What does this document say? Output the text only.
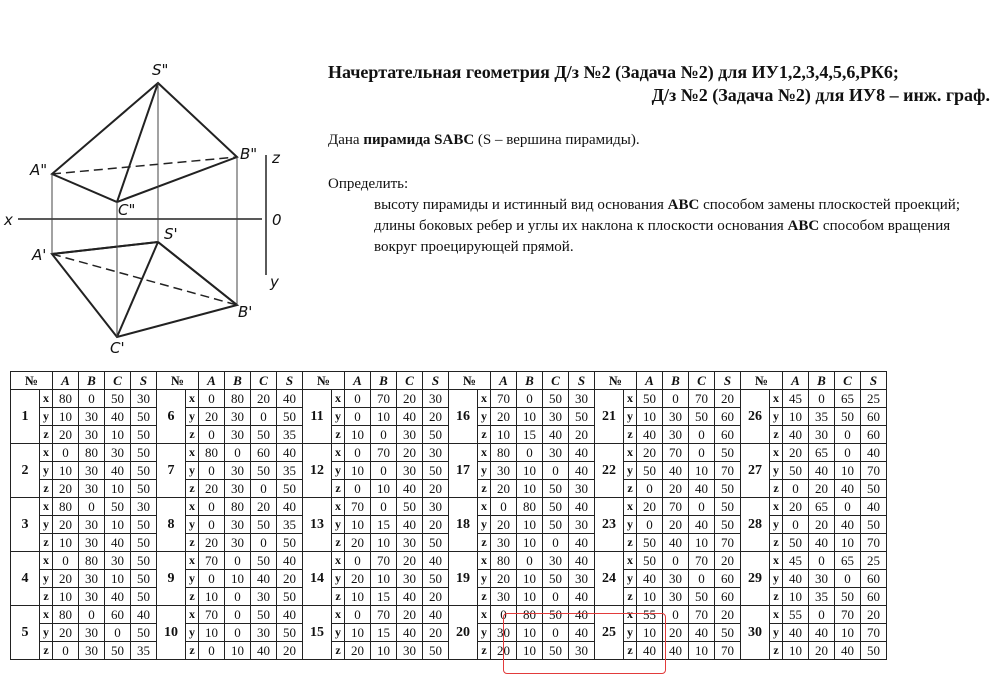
S"
A"
B"
C"
z
x	0
A'
S'
B'
C'
y
Начертательная геометрия Д/з №2 (Задача №2) для ИУ1,2,3,4,5,6,РК6;
Д/з №2 (Задача №2) для ИУ8 – инж. граф.
Дана пирамида SABC (S – вершина пирамиды).
Определить:
высоту пирамиды и истинный вид основания ABC способом замены плоскостей проекций;
длины боковых ребер и углы их наклона к плоскости основания ABC способом вращения вокруг проецирующей прямой.
№		A	B	C	S	№		A	B	C	S	№		A	B	C	S	№		A	B	C	S	№		A	B	C	S	№		A	B	C	S
1	x	80	0	50	30	6	x	0	80	20	40	11	x	0	70	20	30	16	x	70	0	50	30	21	x	50	0	70	20	26	x	45	0	65	25
	y	10	30	40	50		y	20	30	0	50		y	0	10	40	20		y	20	10	30	50		y	10	30	50	60		y	10	35	50	60
	z	20	30	10	50		z	0	30	50	35		z	10	0	30	50		z	10	15	40	20		z	40	30	0	60		z	40	30	0	60
2	x	0	80	30	50	7	x	80	0	60	40	12	x	0	70	20	30	17	x	80	0	30	40	22	x	20	70	0	50	27	x	20	65	0	40
	y	10	30	40	50		y	0	30	50	35		y	10	0	30	50		y	30	10	0	40		y	50	40	10	70		y	50	40	10	70
	z	20	30	10	50		z	20	30	0	50		z	0	10	40	20		z	20	10	50	30		z	0	20	40	50		z	0	20	40	50
3	x	80	0	50	30	8	x	0	80	20	40	13	x	70	0	50	30	18	x	0	80	50	40	23	x	20	70	0	50	28	x	20	65	0	40
	y	20	30	10	50		y	0	30	50	35		y	10	15	40	20		y	20	10	50	30		y	0	20	40	50		y	0	20	40	50
	z	10	30	40	50		z	20	30	0	50		z	20	10	30	50		z	30	10	0	40		z	50	40	10	70		z	50	40	10	70
4	x	0	80	30	50	9	x	70	0	50	40	14	x	0	70	20	40	19	x	80	0	30	40	24	x	50	0	70	20	29	x	45	0	65	25
	y	20	30	10	50		y	0	10	40	20		y	20	10	30	50		y	20	10	50	30		y	40	30	0	60		y	40	30	0	60
	z	10	30	40	50		z	10	0	30	50		z	10	15	40	20		z	30	10	0	40		z	10	30	50	60		z	10	35	50	60
5	x	80	0	60	40	10	x	70	0	50	40	15	x	0	70	20	40	20	x	0	80	50	40	25	x	55	0	70	20	30	x	55	0	70	20
	y	20	30	0	50		y	10	0	30	50		y	10	15	40	20		y	30	10	0	40		y	10	20	40	50		y	40	40	10	70
	z	0	30	50	35		z	0	10	40	20		z	20	10	30	50		z	20	10	50	30		z	40	40	10	70		z	10	20	40	50
